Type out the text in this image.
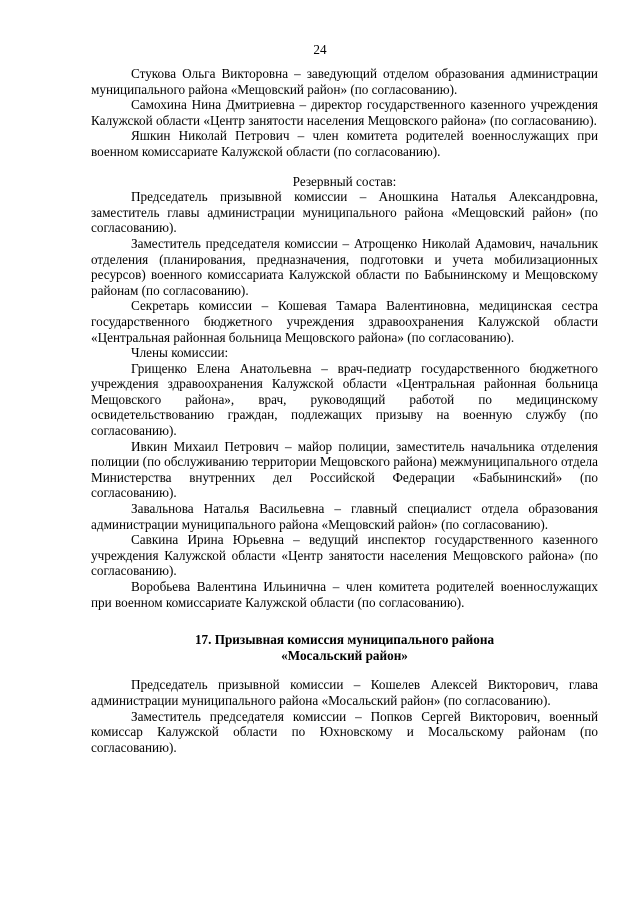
24

Стукова Ольга Викторовна – заведующий отделом образования администрации муниципального района «Мещовский район» (по согласованию).

Самохина Нина Дмитриевна – директор государственного казенного учреждения Калужской области «Центр занятости населения Мещовского района» (по согласованию).

Яшкин Николай Петрович – член комитета родителей военнослужащих при военном комиссариате Калужской области (по согласованию).

Резервный состав:

Председатель призывной комиссии – Аношкина Наталья Александровна, заместитель главы администрации муниципального района «Мещовский район» (по согласованию).

Заместитель председателя комиссии – Атрощенко Николай Адамович, начальник отделения (планирования, предназначения, подготовки и учета мобилизационных ресурсов) военного комиссариата Калужской области по Бабынинскому и Мещовскому районам (по согласованию).

Секретарь комиссии – Кошевая Тамара Валентиновна, медицинская сестра государственного бюджетного учреждения здравоохранения Калужской области «Центральная районная больница Мещовского района» (по согласованию).

Члены комиссии:

Грищенко Елена Анатольевна – врач-педиатр государственного бюджетного учреждения здравоохранения Калужской области «Центральная районная больница Мещовского района», врач, руководящий работой по медицинскому освидетельствованию граждан, подлежащих призыву на военную службу (по согласованию).

Ивкин Михаил Петрович – майор полиции, заместитель начальника отделения полиции (по обслуживанию территории Мещовского района) межмуниципального отдела Министерства внутренних дел Российской Федерации «Бабынинский» (по согласованию).

Завальнова Наталья Васильевна – главный специалист отдела образования администрации муниципального района «Мещовский район» (по согласованию).

Савкина Ирина Юрьевна – ведущий инспектор государственного казенного учреждения Калужской области «Центр занятости населения Мещовского района» (по согласованию).

Воробьева Валентина Ильинична – член комитета родителей военнослужащих при военном комиссариате Калужской области (по согласованию).

17. Призывная комиссия муниципального района

«Мосальский район»

Председатель призывной комиссии – Кошелев Алексей Викторович, глава администрации муниципального района «Мосальский район» (по согласованию).

Заместитель председателя комиссии – Попков Сергей Викторович, военный комиссар Калужской области по Юхновскому и Мосальскому районам (по согласованию).
